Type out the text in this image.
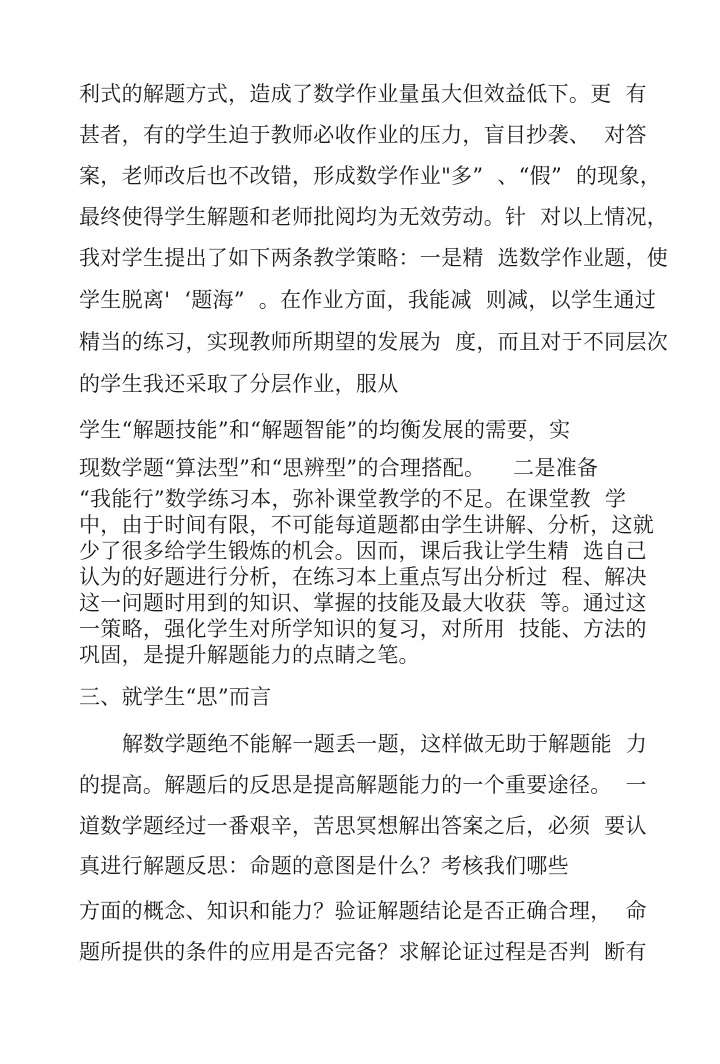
利式的解题方式，造成了数学作业量虽大但效益低下。更  有
甚者，有的学生迫于教师必收作业的压力，盲目抄袭、  对答
案，老师改后也不改错，形成数学作业"多”  、“假”  的现象，
最终使得学生解题和老师批阅均为无效劳动。针  对以上情况，
我对学生提出了如下两条教学策略：一是精  选数学作业题，使
学生脱离'  ‘题海”  。在作业方面，我能减  则减，以学生通过
精当的练习，实现教师所期望的发展为  度，而且对于不同层次
的学生我还采取了分层作业，服从
学生“解题技能”和“解题智能”的均衡发展的需要，实
现数学题“算法型”和“思辨型”的合理搭配。    二是准备
“我能行”数学练习本，弥补课堂教学的不足。在课堂教  学
中，由于时间有限，不可能每道题都由学生讲解、分析，这就
少了很多给学生锻炼的机会。因而，课后我让学生精  选自己
认为的好题进行分析，在练习本上重点写出分析过  程、解决
这一问题时用到的知识、掌握的技能及最大收获  等。通过这
一策略，强化学生对所学知识的复习，对所用  技能、方法的
巩固，是提升解题能力的点睛之笔。
三、就学生“思”而言
解数学题绝不能解一题丢一题，这样做无助于解题能  力
的提高。解题后的反思是提高解题能力的一个重要途径。  一
道数学题经过一番艰辛，苦思冥想解出答案之后，必须  要认
真进行解题反思：命题的意图是什么？考核我们哪些
方面的概念、知识和能力？验证解题结论是否正确合理，  命
题所提供的条件的应用是否完备？求解论证过程是否判  断有
